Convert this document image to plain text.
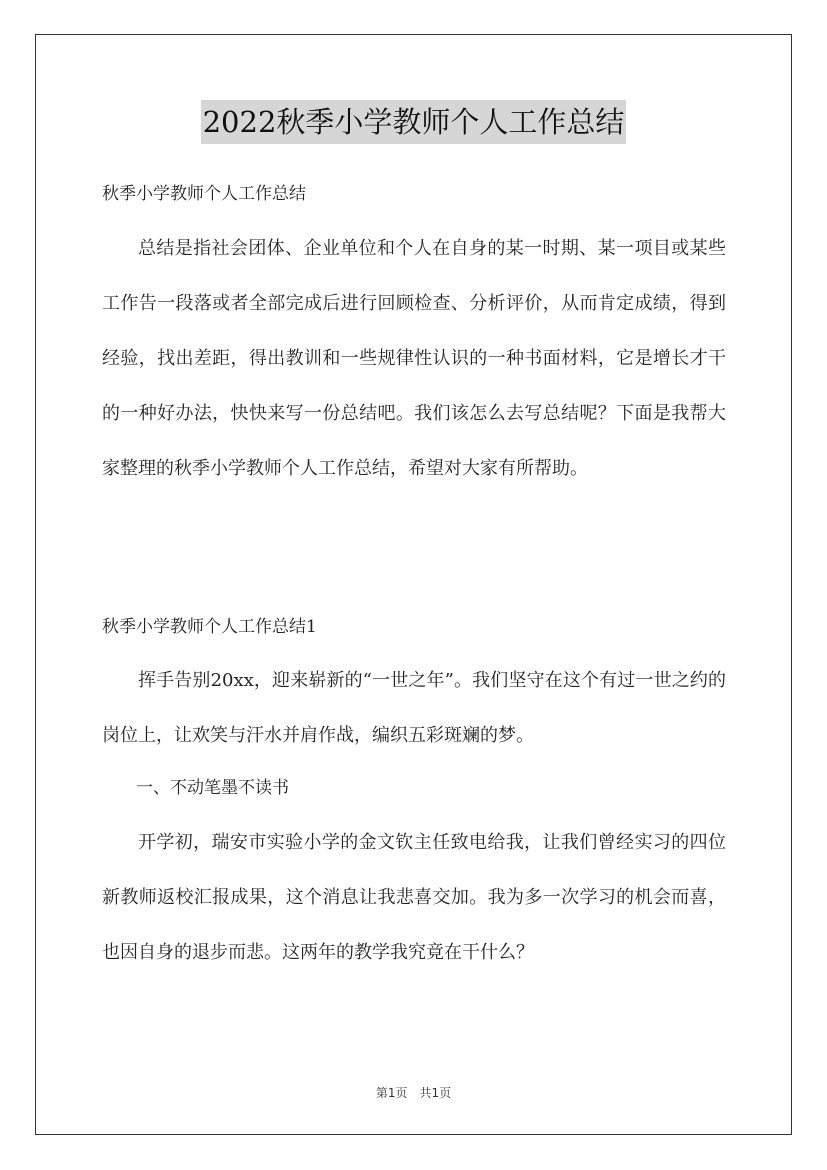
2022秋季小学教师个人工作总结
秋季小学教师个人工作总结
总结是指社会团体、企业单位和个人在自身的某一时期、某一项目或某些工作告一段落或者全部完成后进行回顾检查、分析评价，从而肯定成绩，得到经验，找出差距，得出教训和一些规律性认识的一种书面材料，它是增长才干的一种好办法，快快来写一份总结吧。我们该怎么去写总结呢？下面是我帮大家整理的秋季小学教师个人工作总结，希望对大家有所帮助。
秋季小学教师个人工作总结1
挥手告别20xx，迎来崭新的“一世之年”。我们坚守在这个有过一世之约的岗位上，让欢笑与汗水并肩作战，编织五彩斑斓的梦。
一、不动笔墨不读书
开学初，瑞安市实验小学的金文钦主任致电给我，让我们曾经实习的四位新教师返校汇报成果，这个消息让我悲喜交加。我为多一次学习的机会而喜，也因自身的退步而悲。这两年的教学我究竟在干什么？
第1页　共1页
